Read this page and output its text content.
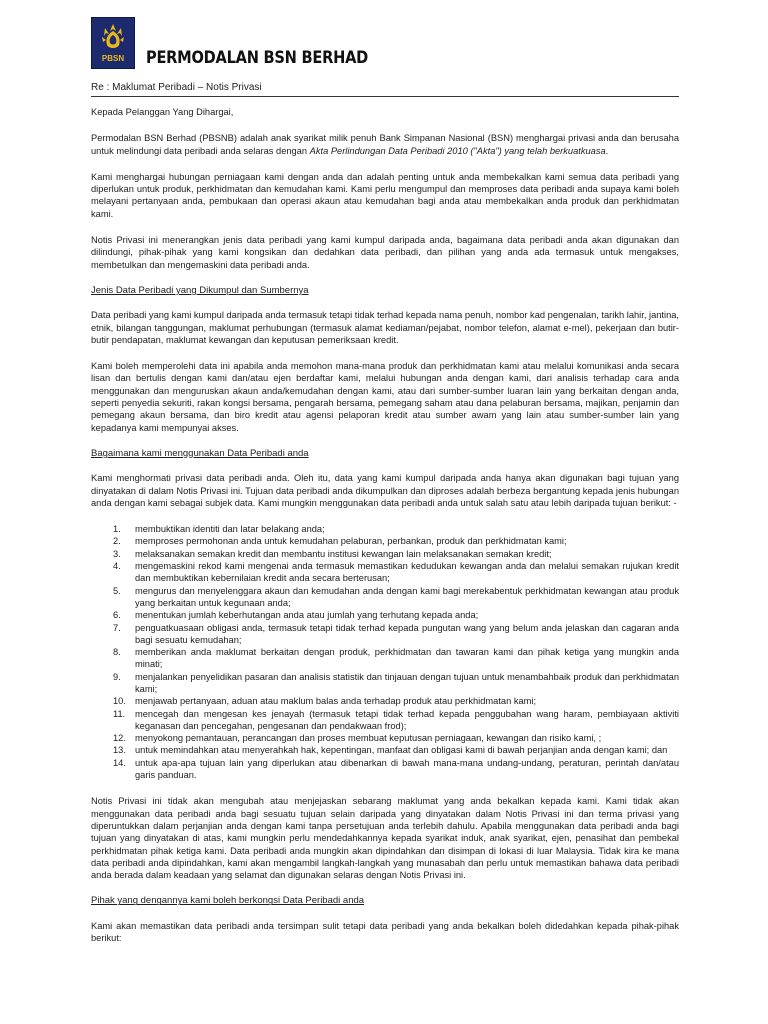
PBSN PERMODALAN BSN BERHAD
Re : Maklumat Peribadi – Notis Privasi

Kepada Pelanggan Yang Dihargai,

Permodalan BSN Berhad (PBSNB) adalah anak syarikat milik penuh Bank Simpanan Nasional (BSN) menghargai privasi anda dan berusaha untuk melindungi data peribadi anda selaras dengan Akta Perlindungan Data Peribadi 2010 ("Akta") yang telah berkuatkuasa.

Kami menghargai hubungan perniagaan kami dengan anda dan adalah penting untuk anda membekalkan kami semua data peribadi yang diperlukan untuk produk, perkhidmatan dan kemudahan kami. Kami perlu mengumpul dan memproses data peribadi anda supaya kami boleh melayani pertanyaan anda, pembukaan dan operasi akaun atau kemudahan bagi anda atau membekalkan anda produk dan perkhidmatan kami.

Notis Privasi ini menerangkan jenis data peribadi yang kami kumpul daripada anda, bagaimana data peribadi anda akan digunakan dan dilindungi, pihak-pihak yang kami kongsikan dan dedahkan data peribadi, dan pilihan yang anda ada termasuk untuk mengakses, membetulkan dan mengemaskini data peribadi anda.

Jenis Data Peribadi yang Dikumpul dan Sumbernya

Data peribadi yang kami kumpul daripada anda termasuk tetapi tidak terhad kepada nama penuh, nombor kad pengenalan, tarikh lahir, jantina, etnik, bilangan tanggungan, maklumat perhubungan (termasuk alamat kediaman/pejabat, nombor telefon, alamat e-mel), pekerjaan dan butir-butir pendapatan, maklumat kewangan dan keputusan pemeriksaan kredit.

Kami boleh memperolehi data ini apabila anda memohon mana-mana produk dan perkhidmatan kami atau melalui komunikasi anda secara lisan dan bertulis dengan kami dan/atau ejen berdaftar kami, melalui hubungan anda dengan kami, dari analisis terhadap cara anda menggunakan dan menguruskan akaun anda/kemudahan dengan kami, atau dari sumber-sumber luaran lain yang berkaitan dengan anda, seperti penyedia sekuriti, rakan kongsi bersama, pengarah bersama, pemegang saham atau dana pelaburan bersama, majikan, penjamin dan pemegang akaun bersama, dan biro kredit atau agensi pelaporan kredit atau sumber awam yang lain atau sumber-sumber lain yang kepadanya kami mempunyai akses.

Bagaimana kami menggunakan Data Peribadi anda

Kami menghormati privasi data peribadi anda. Oleh itu, data yang kami kumpul daripada anda hanya akan digunakan bagi tujuan yang dinyatakan di dalam Notis Privasi ini. Tujuan data peribadi anda dikumpulkan dan diproses adalah berbeza bergantung kepada jenis hubungan anda dengan kami sebagai subjek data. Kami mungkin menggunakan data peribadi anda untuk salah satu atau lebih daripada tujuan berikut: -

1. membuktikan identiti dan latar belakang anda;
2. memproses permohonan anda untuk kemudahan pelaburan, perbankan, produk dan perkhidmatan kami;
3. melaksanakan semakan kredit dan membantu institusi kewangan lain melaksanakan semakan kredit;
4. mengemaskini rekod kami mengenai anda termasuk memastikan kedudukan kewangan anda dan melalui semakan rujukan kredit dan membuktikan kebernilaian kredit anda secara berterusan;
5. mengurus dan menyelenggara akaun dan kemudahan anda dengan kami bagi merekabentuk perkhidmatan kewangan atau produk yang berkaitan untuk kegunaan anda;
6. menentukan jumlah keberhutangan anda atau jumlah yang terhutang kepada anda;
7. penguatkuasaan obligasi anda, termasuk tetapi tidak terhad kepada pungutan wang yang belum anda jelaskan dan cagaran anda bagi sesuatu kemudahan;
8. memberikan anda maklumat berkaitan dengan produk, perkhidmatan dan tawaran kami dan pihak ketiga yang mungkin anda minati;
9. menjalankan penyelidikan pasaran dan analisis statistik dan tinjauan dengan tujuan untuk menambahbaik produk dan perkhidmatan kami;
10. menjawab pertanyaan, aduan atau maklum balas anda terhadap produk atau perkhidmatan kami;
11. mencegah dan mengesan kes jenayah (termasuk tetapi tidak terhad kepada penggubahan wang haram, pembiayaan aktiviti keganasan dan pencegahan, pengesanan dan pendakwaan frod);
12. menyokong pemantauan, perancangan dan proses membuat keputusan perniagaan, kewangan dan risiko kami, ;
13. untuk memindahkan atau menyerahkah hak, kepentingan, manfaat dan obligasi kami di bawah perjanjian anda dengan kami; dan
14. untuk apa-apa tujuan lain yang diperlukan atau dibenarkan di bawah mana-mana undang-undang, peraturan, perintah dan/atau garis panduan.

Notis Privasi ini tidak akan mengubah atau menjejaskan sebarang maklumat yang anda bekalkan kepada kami. Kami tidak akan menggunakan data peribadi anda bagi sesuatu tujuan selain daripada yang dinyatakan dalam Notis Privasi ini dan terma privasi yang diperuntukkan dalam perjanjian anda dengan kami tanpa persetujuan anda terlebih dahulu. Apabila menggunakan data peribadi anda bagi tujuan yang dinyatakan di atas, kami mungkin perlu mendedahkannya kepada syarikat induk, anak syarikat, ejen, penasihat dan pembekal perkhidmatan pihak ketiga kami. Data peribadi anda mungkin akan dipindahkan dan disimpan di lokasi di luar Malaysia. Tidak kira ke mana data peribadi anda dipindahkan, kami akan mengambil langkah-langkah yang munasabah dan perlu untuk memastikan bahawa data peribadi anda berada dalam keadaan yang selamat dan digunakan selaras dengan Notis Privasi ini.

Pihak yang dengannya kami boleh berkongsi Data Peribadi anda

Kami akan memastikan data peribadi anda tersimpan sulit tetapi data peribadi yang anda bekalkan boleh didedahkan kepada pihak-pihak berikut:
